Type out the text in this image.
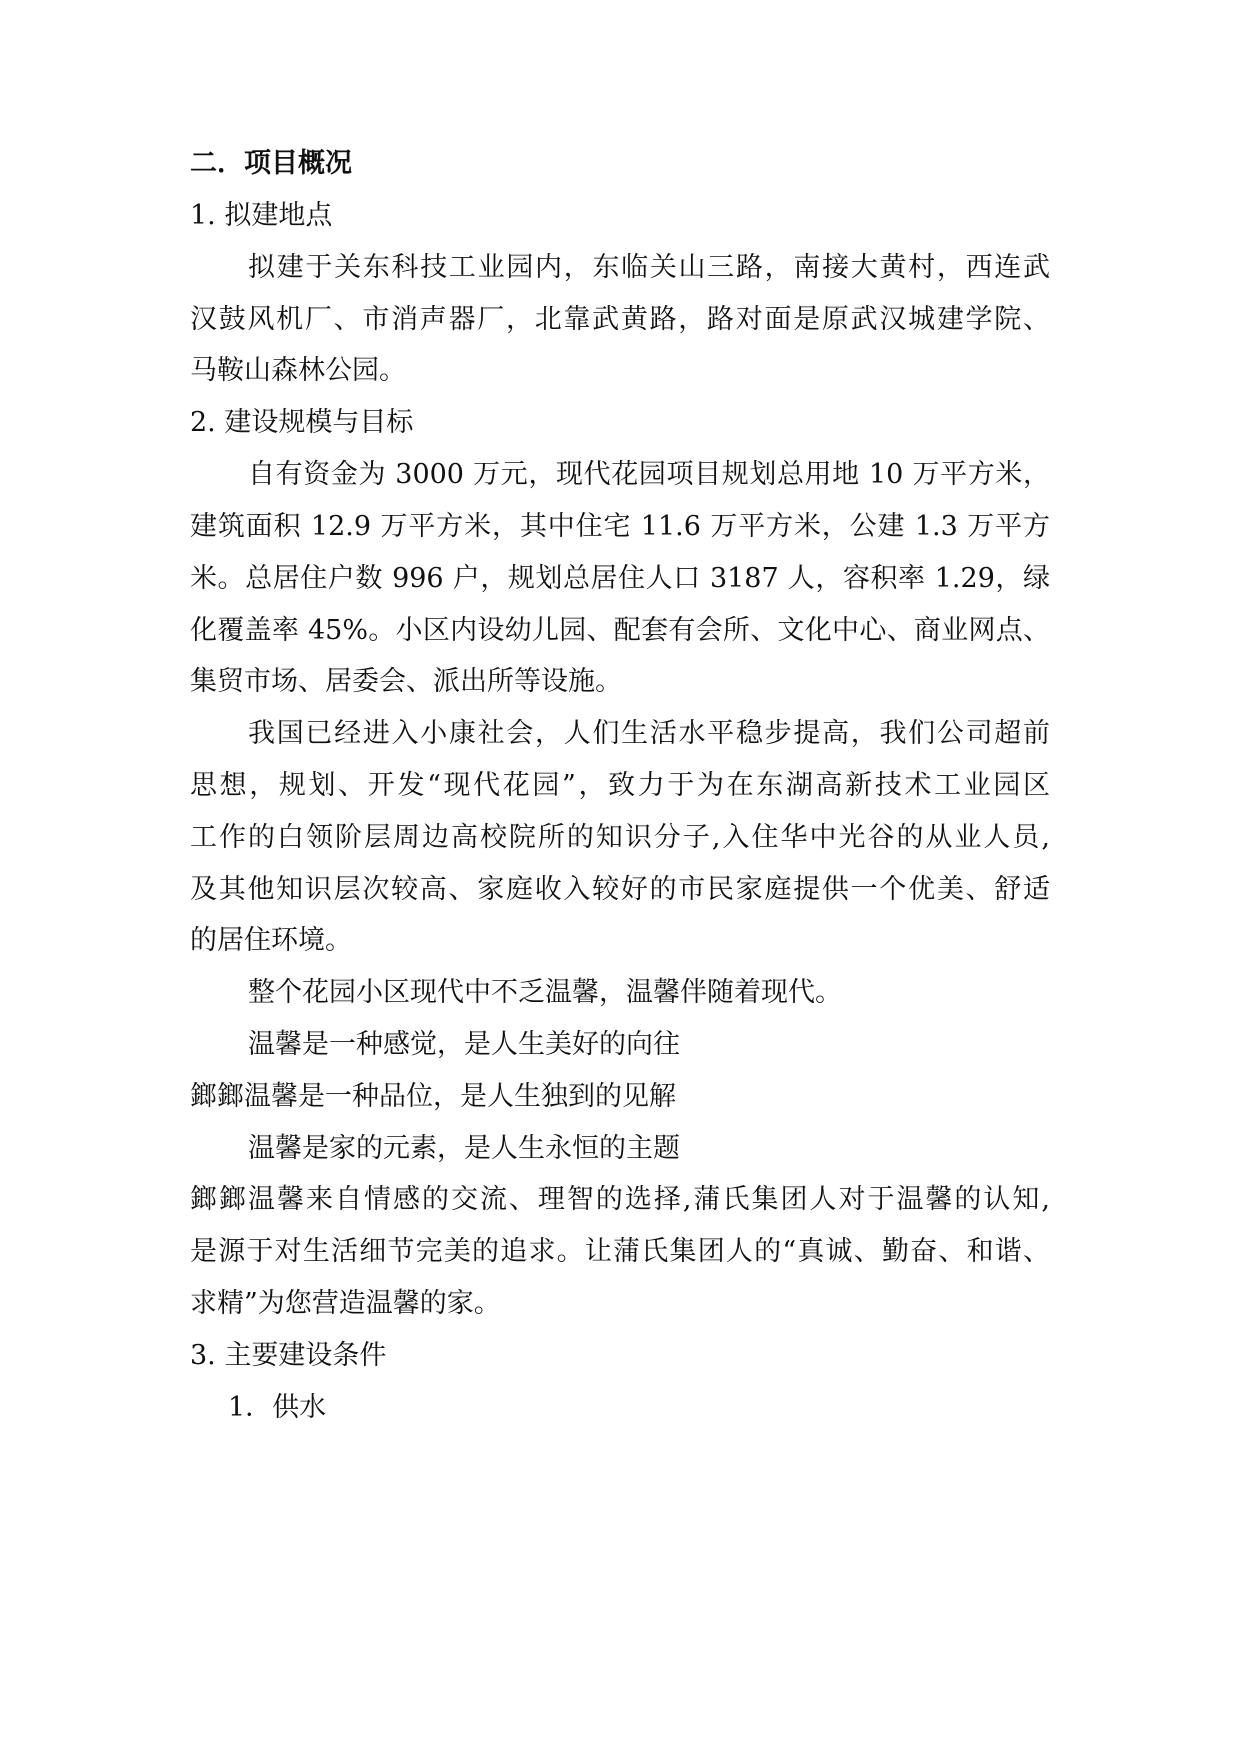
二．项目概况
1. 拟建地点
拟建于关东科技工业园内，东临关山三路，南接大黄村，西连武
汉鼓风机厂、市消声器厂，北靠武黄路，路对面是原武汉城建学院、
马鞍山森林公园。
2. 建设规模与目标
自有资金为 3000 万元，现代花园项目规划总用地 10 万平方米，
建筑面积 12.9 万平方米，其中住宅 11.6 万平方米，公建 1.3 万平方
米。总居住户数 996 户，规划总居住人口 3187 人，容积率 1.29，绿
化覆盖率 45%。小区内设幼儿园、配套有会所、文化中心、商业网点、
集贸市场、居委会、派出所等设施。
我国已经进入小康社会，人们生活水平稳步提高，我们公司超前
思想，规划、开发“现代花园”，致力于为在东湖高新技术工业园区
工作的白领阶层周边高校院所的知识分子,入住华中光谷的从业人员,
及其他知识层次较高、家庭收入较好的市民家庭提供一个优美、舒适
的居住环境。
整个花园小区现代中不乏温馨，温馨伴随着现代。
温馨是一种感觉，是人生美好的向往
鎯鎯温馨是一种品位，是人生独到的见解
温馨是家的元素，是人生永恒的主题
鎯鎯温馨来自情感的交流、理智的选择,蒲氏集团人对于温馨的认知,
是源于对生活细节完美的追求。让蒲氏集团人的“真诚、勤奋、和谐、
求精”为您营造温馨的家。
3. 主要建设条件
1．供水
